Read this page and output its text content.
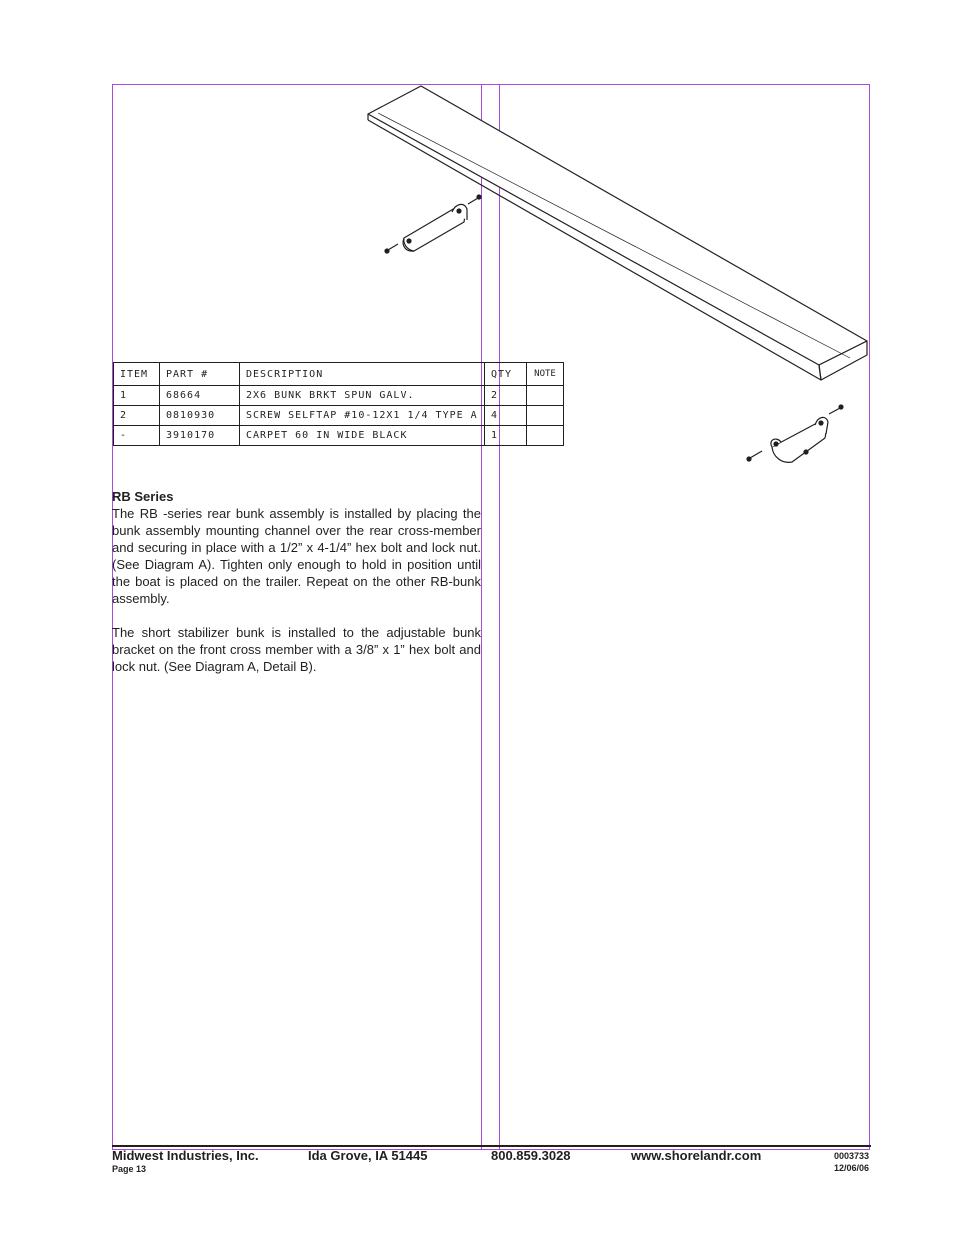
ITEM	PART #	DESCRIPTION	QTY	NOTE
1	68664	2X6 BUNK BRKT SPUN GALV.	2	
2	0810930	SCREW SELFTAP #10-12X1 1/4 TYPE A	4	
-	3910170	CARPET 60 IN WIDE BLACK	1	
RB Series

The RB -series rear bunk assembly is installed by placing the bunk assembly mounting channel over the rear cross-member and securing in place with a 1/2” x 4-1/4” hex bolt and lock nut. (See Diagram A). Tighten only enough to hold in position until the boat is placed on the trailer. Repeat on the other RB-bunk assembly.

The short stabilizer bunk is installed to the adjustable bunk bracket on the front cross member with a 3/8” x 1” hex bolt and lock nut. (See Diagram A, Detail B).

Midwest Industries, Inc.	Ida Grove, IA 51445	800.859.3028	www.shorelandr.com
Page 13
0003733
12/06/06
